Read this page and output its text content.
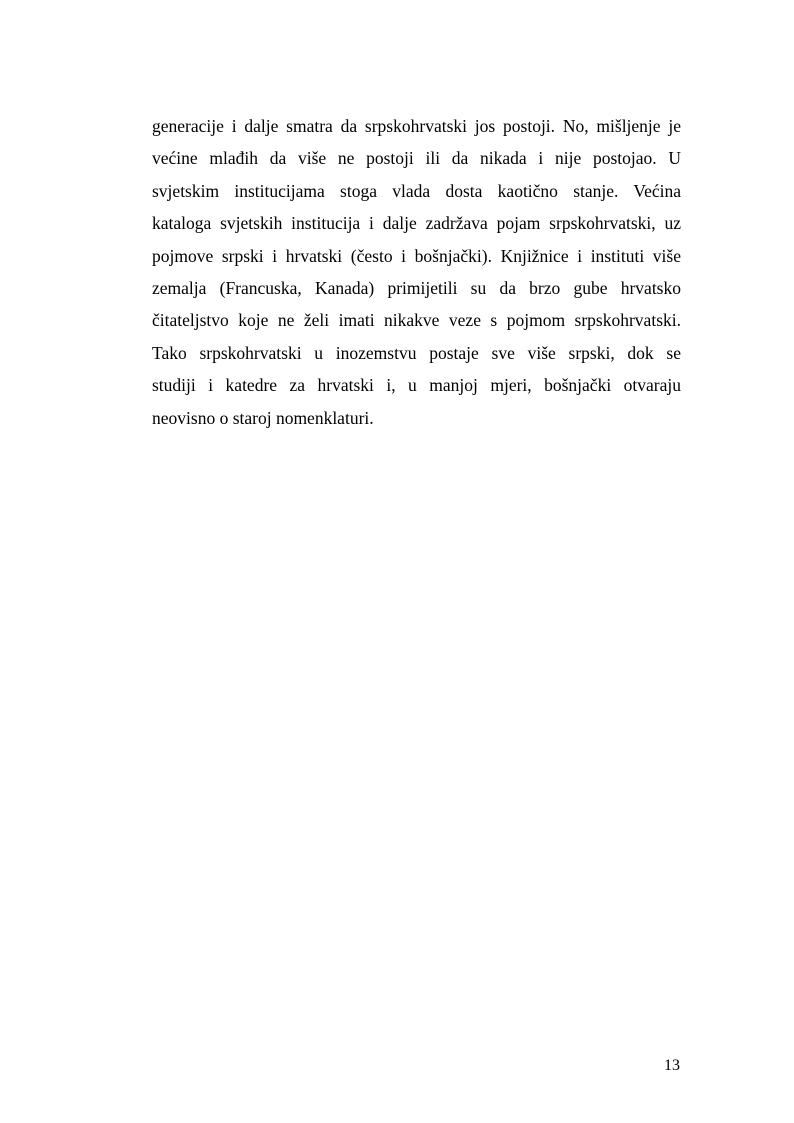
generacije i dalje smatra da srpskohrvatski jos postoji. No, mišljenje je
većine mlađih da više ne postoji ili da nikada i nije postojao. U
svjetskim institucijama stoga vlada dosta kaotično stanje. Većina
kataloga svjetskih institucija i dalje zadržava pojam srpskohrvatski, uz
pojmove srpski i hrvatski (često i bošnjački). Knjižnice i instituti više
zemalja (Francuska, Kanada) primijetili su da brzo gube hrvatsko
čitateljstvo koje ne želi imati nikakve veze s pojmom srpskohrvatski.
Tako srpskohrvatski u inozemstvu postaje sve više srpski, dok se
studiji i katedre za hrvatski i, u manjoj mjeri, bošnjački otvaraju
neovisno o staroj nomenklaturi.

13
